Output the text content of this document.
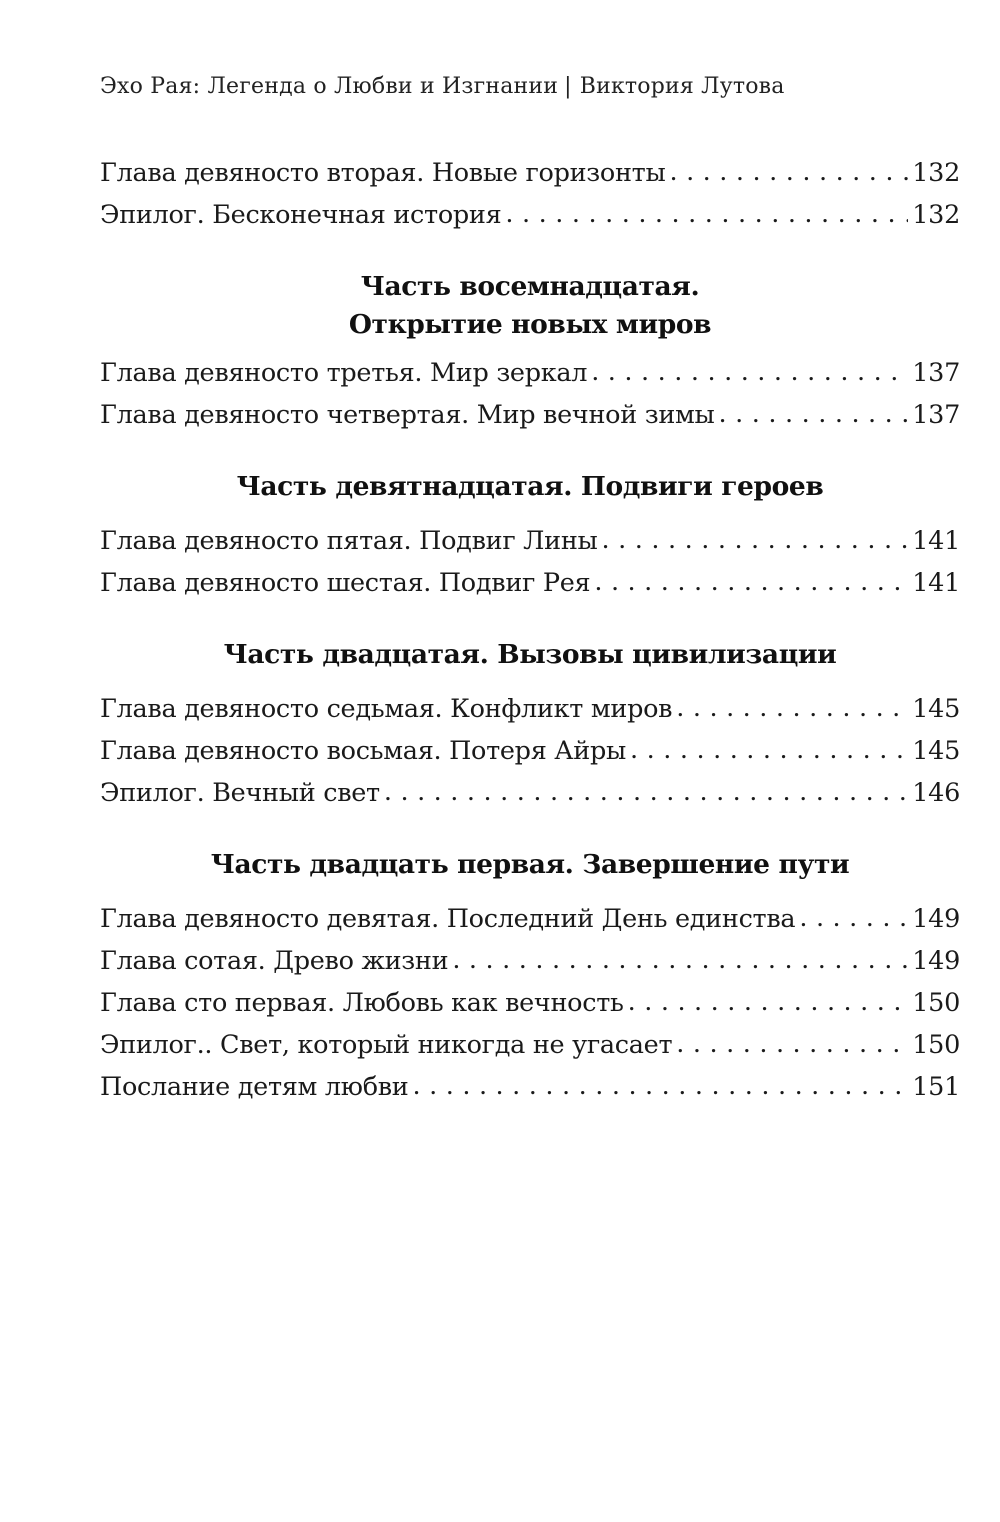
Эхо Рая: Легенда о Любви и Изгнании | Виктория Лутова
Глава девяносто вторая. Новые горизонты . . .	132
Эпилог. Бесконечная история . . .	132
Часть восемнадцатая.
Открытие новых миров
Глава девяносто третья. Мир зеркал . . .	137
Глава девяносто четвертая. Мир вечной зимы . . .	137
Часть девятнадцатая. Подвиги героев
Глава девяносто пятая. Подвиг Лины . . .	141
Глава девяносто шестая. Подвиг Рея . . .	141
Часть двадцатая. Вызовы цивилизации
Глава девяносто седьмая. Конфликт миров . . .	145
Глава девяносто восьмая. Потеря Айры . . .	145
Эпилог. Вечный свет . . .	146
Часть двадцать первая. Завершение пути
Глава девяносто девятая. Последний День единства . . .	149
Глава сотая. Древо жизни . . .	149
Глава сто первая. Любовь как вечность . . .	150
Эпилог.. Свет, который никогда не угасает . . .	150
Послание детям любви . . .	151
